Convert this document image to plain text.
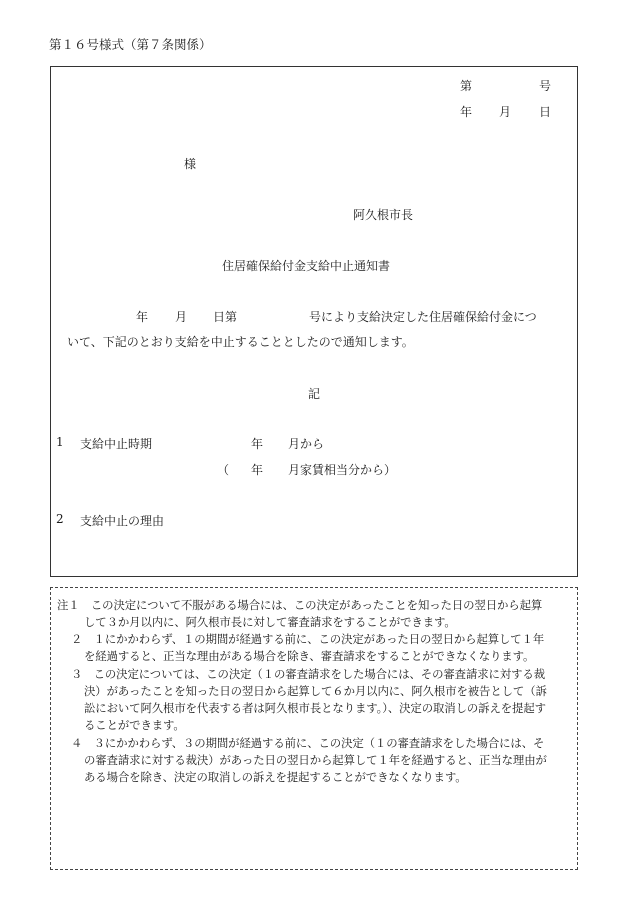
第１６号様式（第７条関係）
第	号
年 月 日
様
阿久根市長
住居確保給付金支給中止通知書
年 月 日第	号により支給決定した住居確保給付金につ
いて、下記のとおり支給を中止することとしたので通知します。
記
1 支給中止時期	年 月から
（ 年 月家賃相当分から）
2 支給中止の理由
注１　この決定について不服がある場合には、この決定があったことを知った日の翌日から起算
して３か月以内に、阿久根市長に対して審査請求をすることができます。
２　１にかかわらず、１の期間が経過する前に、この決定があった日の翌日から起算して１年
を経過すると、正当な理由がある場合を除き、審査請求をすることができなくなります。
３　この決定については、この決定（１の審査請求をした場合には、その審査請求に対する裁
決）があったことを知った日の翌日から起算して６か月以内に、阿久根市を被告として（訴
訟において阿久根市を代表する者は阿久根市長となります。）、決定の取消しの訴えを提起す
ることができます。
４　３にかかわらず、３の期間が経過する前に、この決定（１の審査請求をした場合には、そ
の審査請求に対する裁決）があった日の翌日から起算して１年を経過すると、正当な理由が
ある場合を除き、決定の取消しの訴えを提起することができなくなります。
